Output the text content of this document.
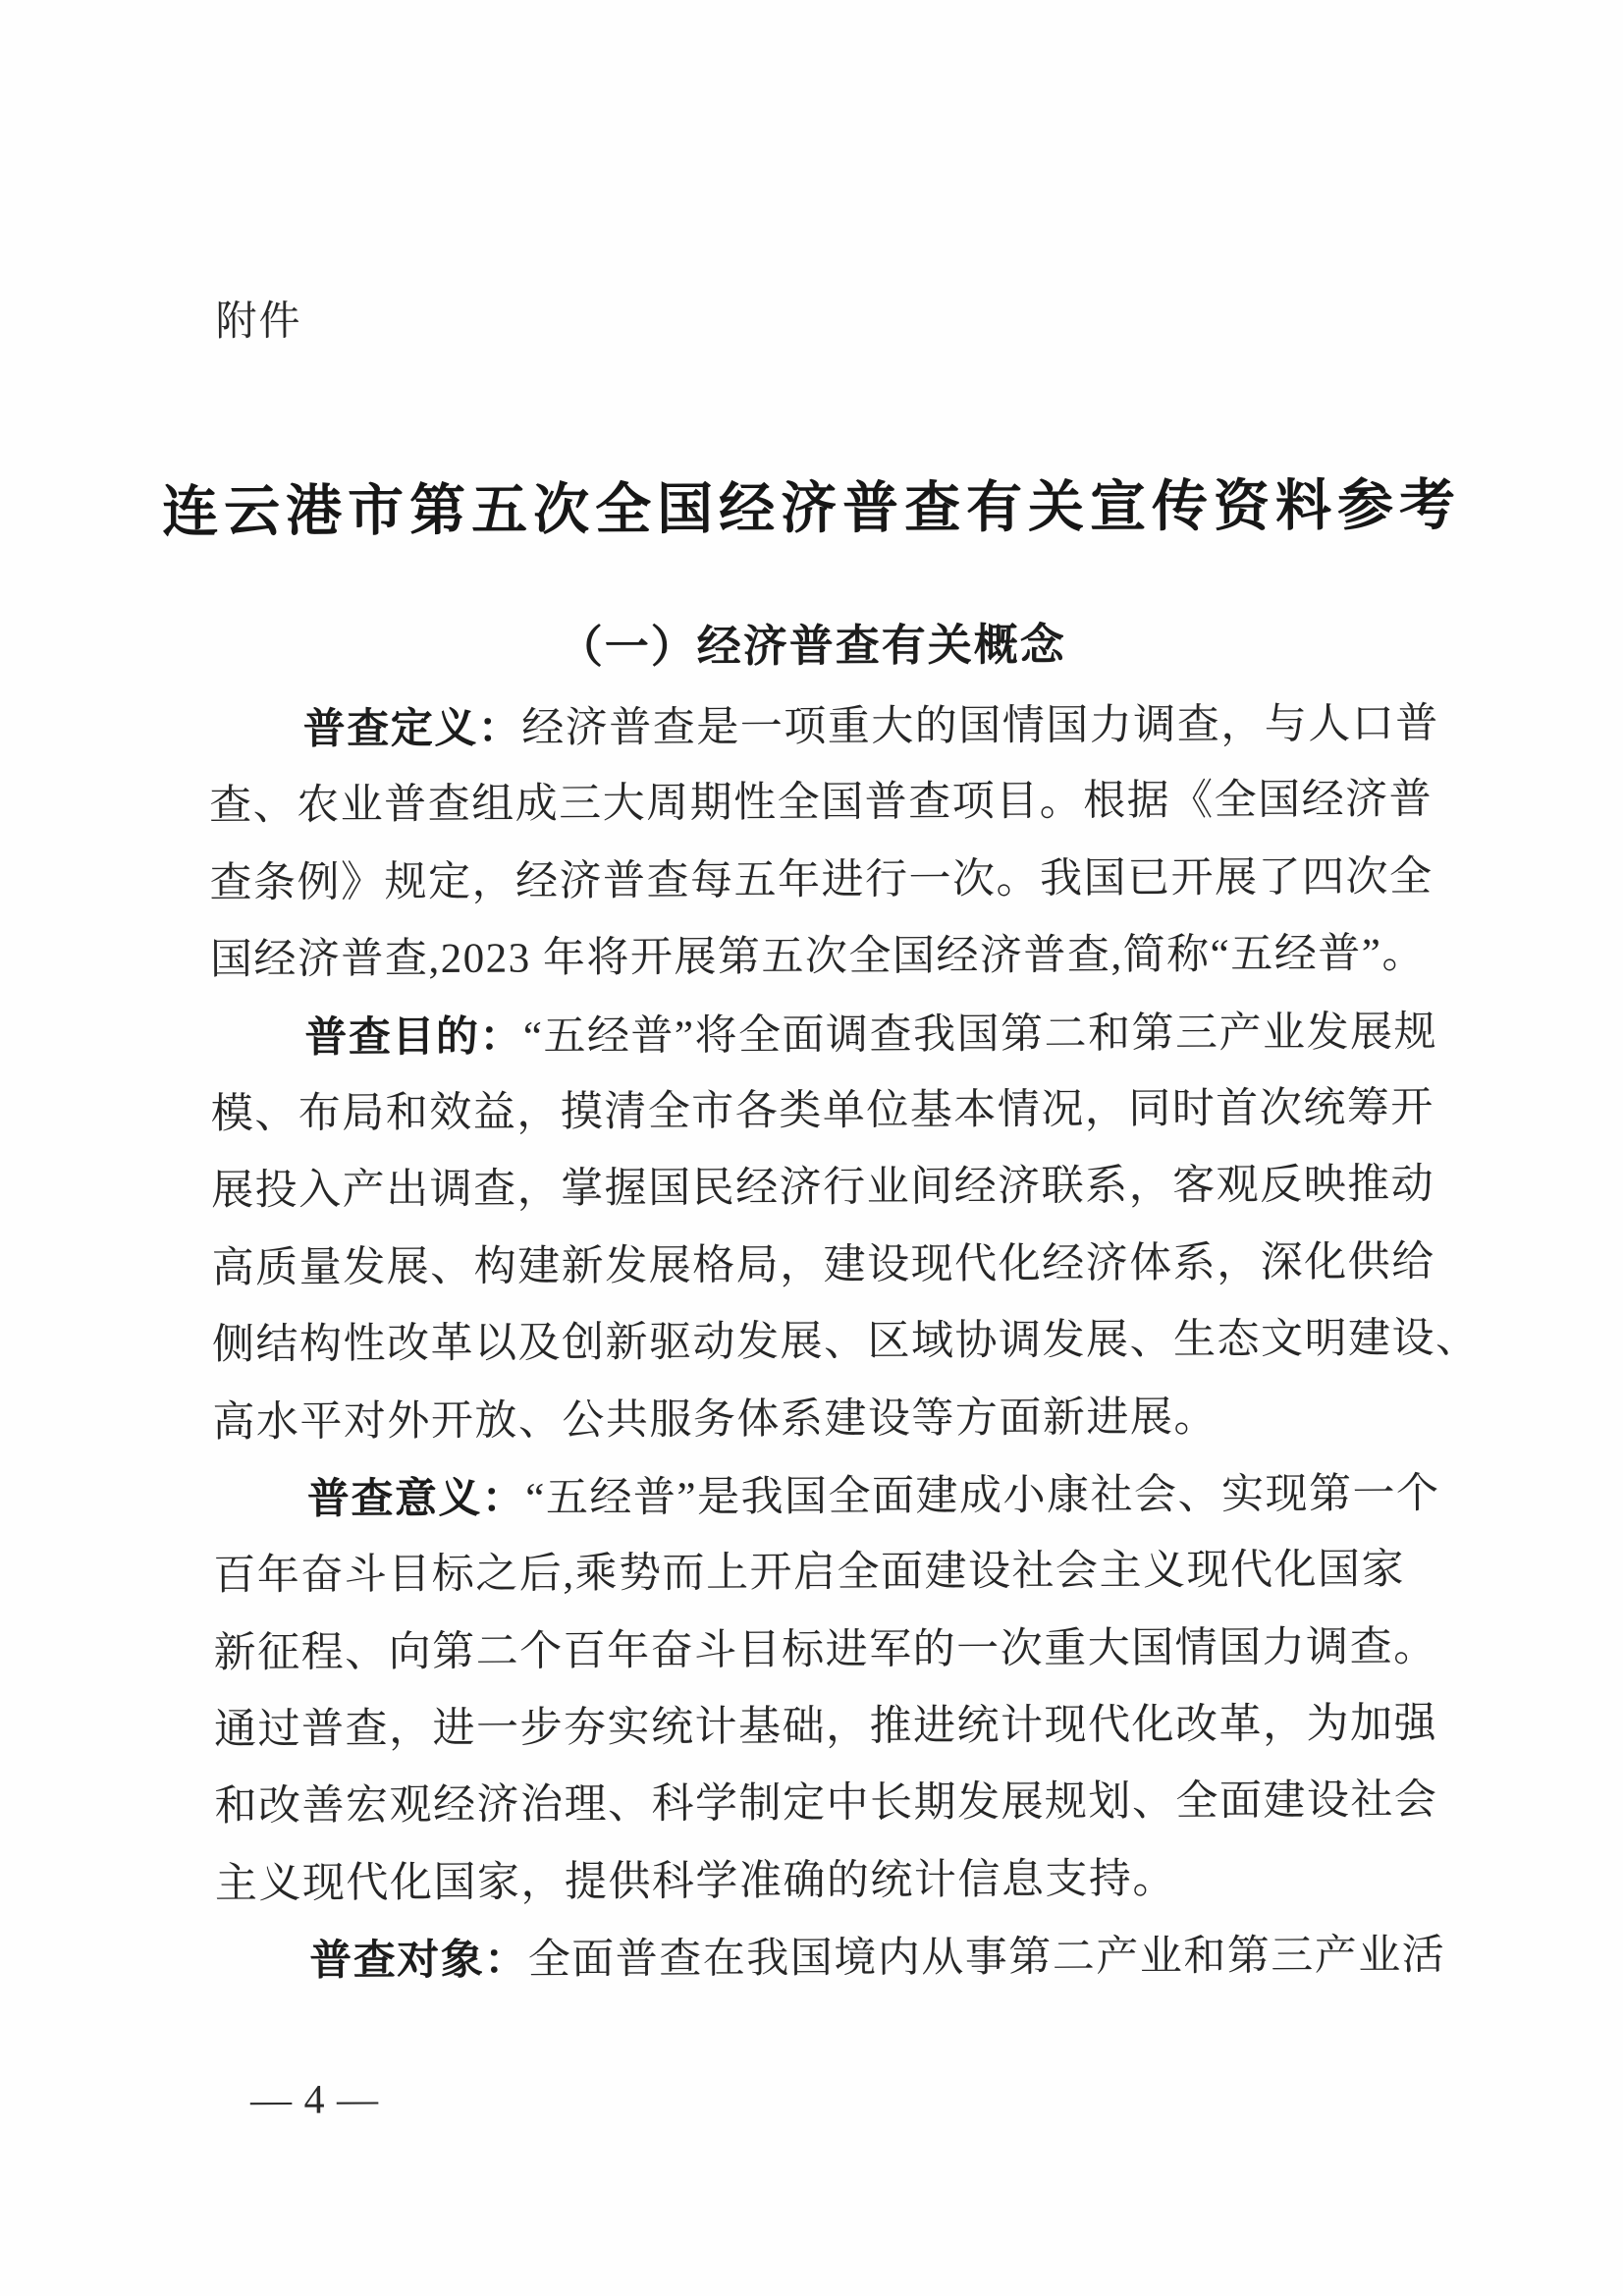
附件
连云港市第五次全国经济普查有关宣传资料参考
（一）经济普查有关概念
普查定义：经济普查是一项重大的国情国力调查，与人口普
查、农业普查组成三大周期性全国普查项目。根据《全国经济普
查条例》规定，经济普查每五年进行一次。我国已开展了四次全
国经济普查,2023 年将开展第五次全国经济普查,简称“五经普”。
普查目的：“五经普”将全面调查我国第二和第三产业发展规
模、布局和效益，摸清全市各类单位基本情况，同时首次统筹开
展投入产出调查，掌握国民经济行业间经济联系，客观反映推动
高质量发展、构建新发展格局，建设现代化经济体系，深化供给
侧结构性改革以及创新驱动发展、区域协调发展、生态文明建设、
高水平对外开放、公共服务体系建设等方面新进展。
普查意义：“五经普”是我国全面建成小康社会、实现第一个
百年奋斗目标之后,乘势而上开启全面建设社会主义现代化国家
新征程、向第二个百年奋斗目标进军的一次重大国情国力调查。
通过普查，进一步夯实统计基础，推进统计现代化改革，为加强
和改善宏观经济治理、科学制定中长期发展规划、全面建设社会
主义现代化国家，提供科学准确的统计信息支持。
普查对象：全面普查在我国境内从事第二产业和第三产业活
— 4 —
